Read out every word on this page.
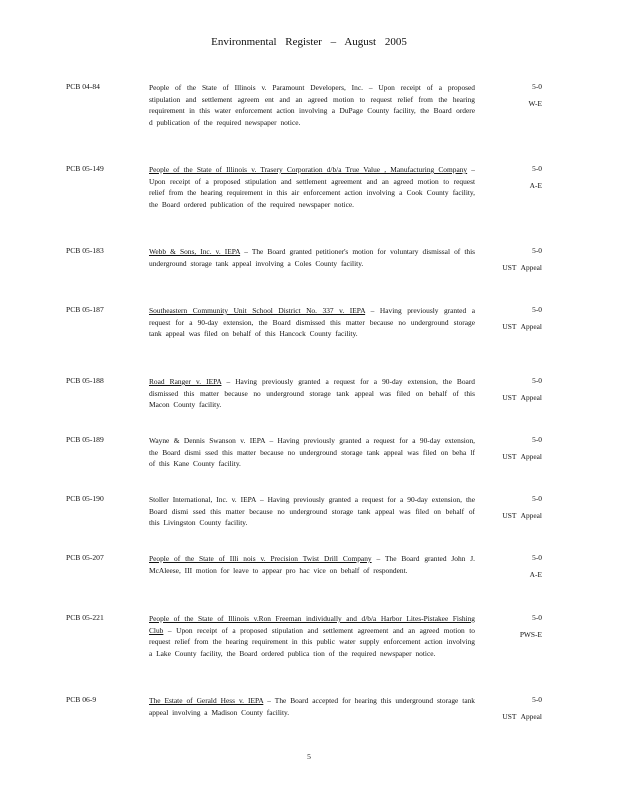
Environmental Register – August 2005
PCB 04-84	People of the State of Illinois v. Paramount Developers, Inc. – Upon receipt of a proposed stipulation and settlement agreem ent and an agreed motion to request relief from the hearing requirement in this water enforcement action involving a DuPage County facility, the Board ordere d publication of the required newspaper notice.
5-0
W-E
PCB 05-149	People of the State of Illinois v. Trasery Corporation d/b/a True Value , Manufacturing Company – Upon receipt of a proposed stipulation and settlement agreement and an agreed motion to request relief from the hearing requirement in this air enforcement action involving a Cook County facility, the Board ordered publication of the required newspaper notice.
5-0
A-E
PCB 05-183	Webb & Sons, Inc. v. IEPA – The Board granted petitioner's motion for voluntary dismissal of this underground storage tank appeal involving a Coles County facility.
5-0
UST Appeal
PCB 05-187	Southeastern Community Unit School District No. 337 v. IEPA – Having previously granted a request for a 90-day extension, the Board dismissed this matter because no underground storage tank appeal was filed on behalf of this Hancock County facility.
5-0
UST Appeal
PCB 05-188	Road Ranger v. IEPA – Having previously granted a request for a 90-day extension, the Board dismissed this matter because no underground storage tank appeal was filed on behalf of this Macon County facility.
5-0
UST Appeal
PCB 05-189	Wayne & Dennis Swanson v. IEPA – Having previously granted a request for a 90-day extension, the Board dismi ssed this matter because no underground storage tank appeal was filed on beha lf of this Kane County facility.
5-0
UST Appeal
PCB 05-190	Stoller International, Inc. v. IEPA – Having previously granted a request for a 90-day extension, the Board dismi ssed this matter because no underground storage tank appeal was filed on behalf of this Livingston County facility.
5-0
UST Appeal
PCB 05-207	People of the State of Illi nois v. Precision Twist Drill Company – The Board granted John J. McAleese, III motion for leave to appear pro hac vice on behalf of respondent.
5-0
A-E
PCB 05-221	People of the State of Illinois v.Ron Freeman individually and d/b/a Harbor Lites-Pistakee Fishing Club – Upon receipt of a proposed stipulation and settlement agreement and an agreed motion to request relief from the hearing requirement in this public water supply enforcement action involving a Lake County facility, the Board ordered publica tion of the required newspaper notice.
5-0
PWS-E
PCB 06-9	The Estate of Gerald Hess v. IEPA – The Board accepted for hearing this underground storage tank appeal involving a Madison County facility.
5-0
UST Appeal
5
